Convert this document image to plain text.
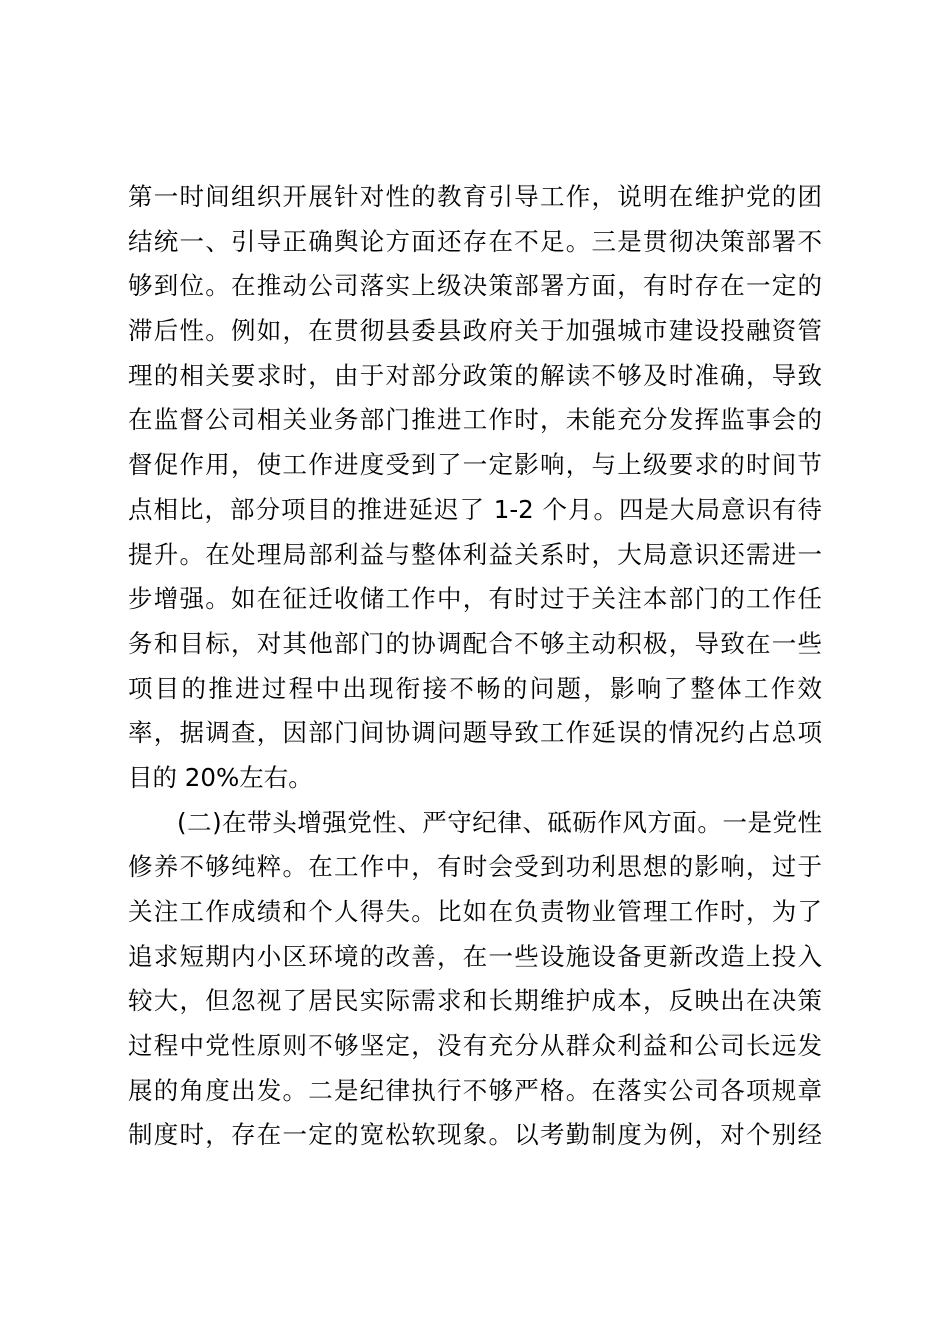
第一时间组织开展针对性的教育引导工作，说明在维护党的团
结统一、引导正确舆论方面还存在不足。三是贯彻决策部署不
够到位。在推动公司落实上级决策部署方面，有时存在一定的
滞后性。例如，在贯彻县委县政府关于加强城市建设投融资管
理的相关要求时，由于对部分政策的解读不够及时准确，导致
在监督公司相关业务部门推进工作时，未能充分发挥监事会的
督促作用，使工作进度受到了一定影响，与上级要求的时间节
点相比，部分项目的推进延迟了 1-2 个月。四是大局意识有待
提升。在处理局部利益与整体利益关系时，大局意识还需进一
步增强。如在征迁收储工作中，有时过于关注本部门的工作任
务和目标，对其他部门的协调配合不够主动积极，导致在一些
项目的推进过程中出现衔接不畅的问题，影响了整体工作效
率，据调查，因部门间协调问题导致工作延误的情况约占总项
目的 20%左右。
(二)在带头增强党性、严守纪律、砥砺作风方面。一是党性
修养不够纯粹。在工作中，有时会受到功利思想的影响，过于
关注工作成绩和个人得失。比如在负责物业管理工作时，为了
追求短期内小区环境的改善，在一些设施设备更新改造上投入
较大，但忽视了居民实际需求和长期维护成本，反映出在决策
过程中党性原则不够坚定，没有充分从群众利益和公司长远发
展的角度出发。二是纪律执行不够严格。在落实公司各项规章
制度时，存在一定的宽松软现象。以考勤制度为例，对个别经
